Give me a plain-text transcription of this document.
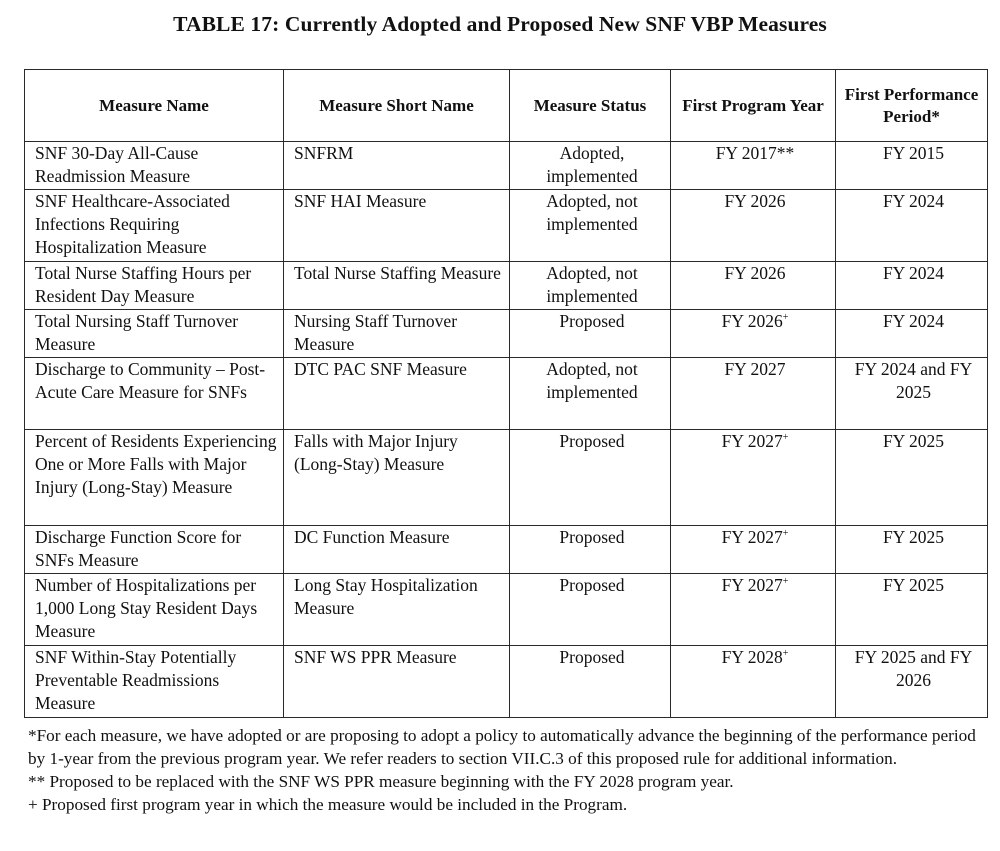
TABLE 17: Currently Adopted and Proposed New SNF VBP Measures
Measure Name	Measure Short Name	Measure Status	First Program Year	First Performance Period*
SNF 30-Day All-Cause Readmission Measure	SNFRM	Adopted, implemented	FY 2017**	FY 2015
SNF Healthcare-Associated Infections Requiring Hospitalization Measure	SNF HAI Measure	Adopted, not implemented	FY 2026	FY 2024
Total Nurse Staffing Hours per Resident Day Measure	Total Nurse Staffing Measure	Adopted, not implemented	FY 2026	FY 2024
Total Nursing Staff Turnover Measure	Nursing Staff Turnover Measure	Proposed	FY 2026+	FY 2024
Discharge to Community – Post-Acute Care Measure for SNFs	DTC PAC SNF Measure	Adopted, not implemented	FY 2027	FY 2024 and FY 2025
Percent of Residents Experiencing One or More Falls with Major Injury (Long-Stay) Measure	Falls with Major Injury (Long-Stay) Measure	Proposed	FY 2027+	FY 2025
Discharge Function Score for SNFs Measure	DC Function Measure	Proposed	FY 2027+	FY 2025
Number of Hospitalizations per 1,000 Long Stay Resident Days Measure	Long Stay Hospitalization Measure	Proposed	FY 2027+	FY 2025
SNF Within-Stay Potentially Preventable Readmissions Measure	SNF WS PPR Measure	Proposed	FY 2028+	FY 2025 and FY 2026

*For each measure, we have adopted or are proposing to adopt a policy to automatically advance the beginning of the performance period by 1-year from the previous program year. We refer readers to section VII.C.3 of this proposed rule for additional information.

** Proposed to be replaced with the SNF WS PPR measure beginning with the FY 2028 program year.

+ Proposed first program year in which the measure would be included in the Program.
